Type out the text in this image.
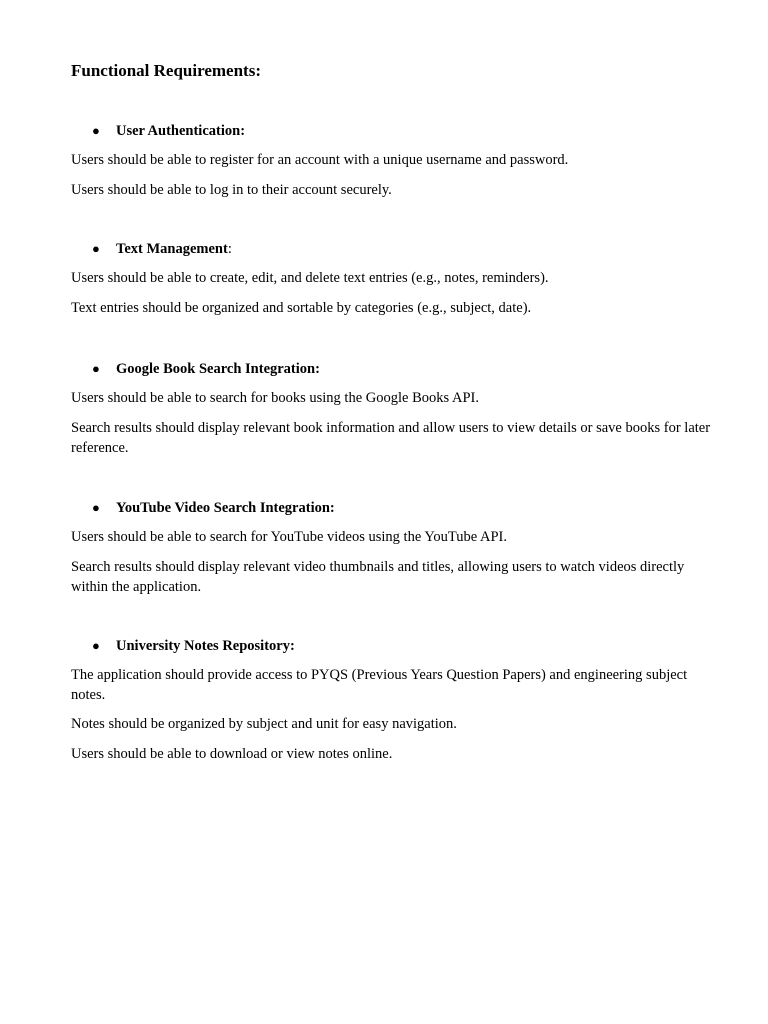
Functional Requirements:
● User Authentication:

Users should be able to register for an account with a unique username and password.

Users should be able to log in to their account securely.

● Text Management:

Users should be able to create, edit, and delete text entries (e.g., notes, reminders).

Text entries should be organized and sortable by categories (e.g., subject, date).

● Google Book Search Integration:

Users should be able to search for books using the Google Books API.

Search results should display relevant book information and allow users to view details or save books for later reference.

● YouTube Video Search Integration:

Users should be able to search for YouTube videos using the YouTube API.

Search results should display relevant video thumbnails and titles, allowing users to watch videos directly within the application.

● University Notes Repository:

The application should provide access to PYQS (Previous Years Question Papers) and engineering subject notes.

Notes should be organized by subject and unit for easy navigation.

Users should be able to download or view notes online.
